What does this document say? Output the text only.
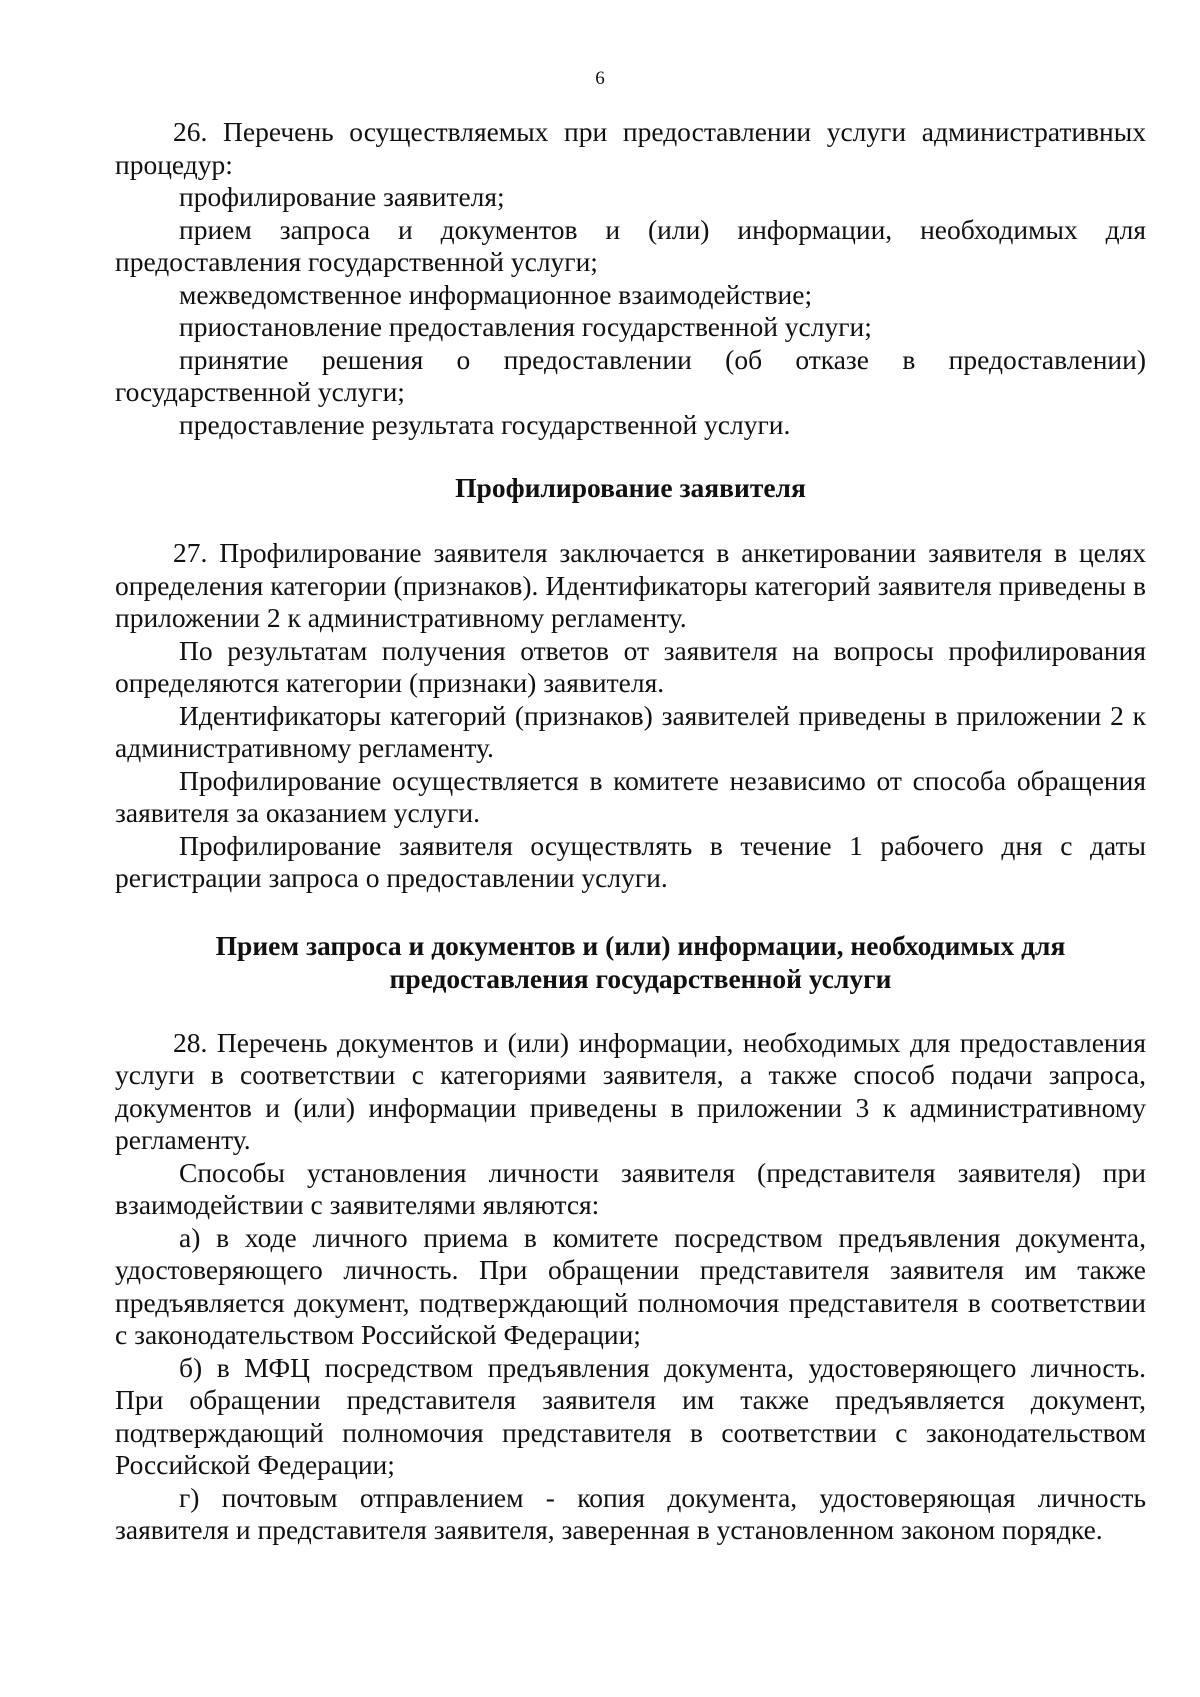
6

26. Перечень осуществляемых при предоставлении услуги административных процедур:

профилирование заявителя;

прием запроса и документов и (или) информации, необходимых для предоставления государственной услуги;

межведомственное информационное взаимодействие;

приостановление предоставления государственной услуги;

принятие решения о предоставлении (об отказе в предоставлении) государственной услуги;

предоставление результата государственной услуги.

Профилирование заявителя

27. Профилирование заявителя заключается в анкетировании заявителя в целях определения категории (признаков). Идентификаторы категорий заявителя приведены в приложении 2 к административному регламенту.

По результатам получения ответов от заявителя на вопросы профилирования определяются категории (признаки) заявителя.

Идентификаторы категорий (признаков) заявителей приведены в приложении 2 к административному регламенту.

Профилирование осуществляется в комитете независимо от способа обращения заявителя за оказанием услуги.

Профилирование заявителя осуществлять в течение 1 рабочего дня с даты регистрации запроса о предоставлении услуги.

Прием запроса и документов и (или) информации, необходимых для предоставления государственной услуги

28. Перечень документов и (или) информации, необходимых для предоставления услуги в соответствии с категориями заявителя, а также способ подачи запроса, документов и (или) информации приведены в приложении 3 к административному регламенту.

Способы установления личности заявителя (представителя заявителя) при взаимодействии с заявителями являются:

а) в ходе личного приема в комитете посредством предъявления документа, удостоверяющего личность. При обращении представителя заявителя им также предъявляется документ, подтверждающий полномочия представителя в соответствии с законодательством Российской Федерации;

б) в МФЦ посредством предъявления документа, удостоверяющего личность. При обращении представителя заявителя им также предъявляется документ, подтверждающий полномочия представителя в соответствии с законодательством Российской Федерации;

г) почтовым отправлением - копия документа, удостоверяющая личность заявителя и представителя заявителя, заверенная в установленном законом порядке.
